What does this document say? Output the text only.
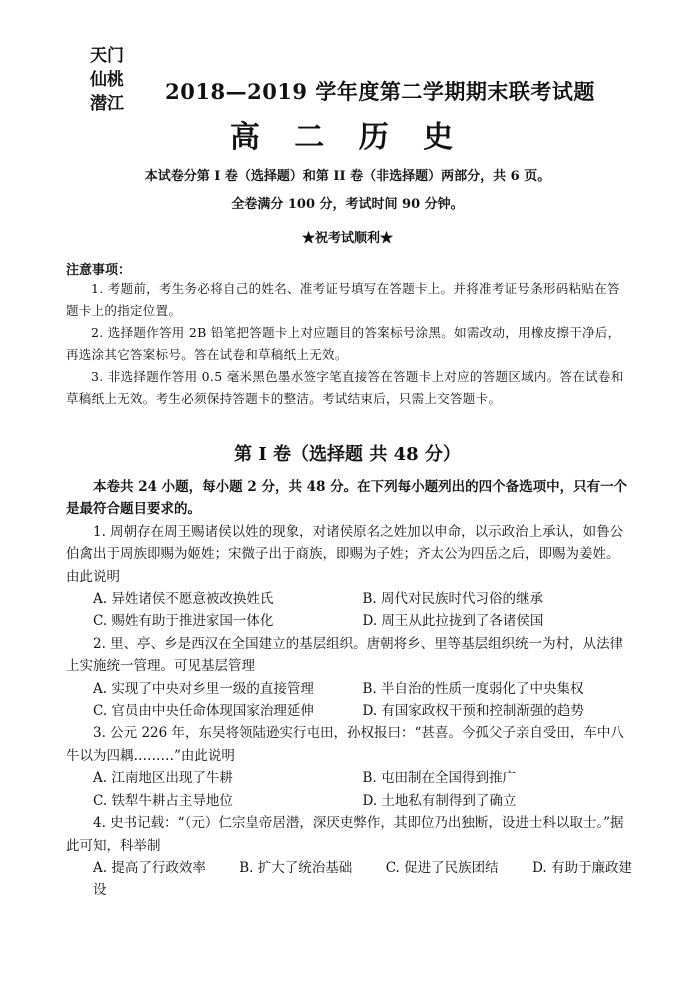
天门
仙桃
潜江	2018—2019 学年度第二学期期末联考试题
高 二 历 史
本试卷分第 I 卷（选择题）和第 II 卷（非选择题）两部分，共 6 页。
全卷满分 100 分，考试时间 90 分钟。
★祝考试顺利★
注意事项：

1. 考题前，考生务必将自己的姓名、准考证号填写在答题卡上。并将准考证号条形码粘贴在答题卡上的指定位置。

2. 选择题作答用 2B 铅笔把答题卡上对应题目的答案标号涂黑。如需改动，用橡皮擦干净后，再选涂其它答案标号。答在试卷和草稿纸上无效。

3. 非选择题作答用 0.5 毫米黑色墨水签字笔直接答在答题卡上对应的答题区域内。答在试卷和草稿纸上无效。考生必须保持答题卡的整洁。考试结束后，只需上交答题卡。

第 I 卷（选择题 共 48 分）

本卷共 24 小题，每小题 2 分，共 48 分。在下列每小题列出的四个备选项中，只有一个是最符合题目要求的。

1. 周朝存在周王赐诸侯以姓的现象，对诸侯原名之姓加以申命，以示政治上承认，如鲁公伯禽出于周族即赐为姬姓；宋微子出于商族，即赐为子姓；齐太公为四岳之后，即赐为姜姓。由此说明

A. 异姓诸侯不愿意被改换姓氏	B. 周代对民族时代习俗的继承
C. 赐姓有助于推进家国一体化	D. 周王从此拉拢到了各诸侯国

2. 里、亭、乡是西汉在全国建立的基层组织。唐朝将乡、里等基层组织统一为村，从法律上实施统一管理。可见基层管理

A. 实现了中央对乡里一级的直接管理	B. 半自治的性质一度弱化了中央集权
C. 官员由中央任命体现国家治理延伸	D. 有国家政权干预和控制渐强的趋势

3. 公元 226 年，东吴将领陆逊实行屯田，孙权报曰：“甚喜。今孤父子亲自受田，车中八牛以为四耦………”由此说明

A. 江南地区出现了牛耕	B. 屯田制在全国得到推广
C. 铁犁牛耕占主导地位	D. 土地私有制得到了确立

4. 史书记载：“（元）仁宗皇帝居潜，深厌吏弊作，其即位乃出独断，设进士科以取士。”据此可知，科举制

A. 提高了行政效率 B. 扩大了统治基础 C. 促进了民族团结 D. 有助于廉政建

设
